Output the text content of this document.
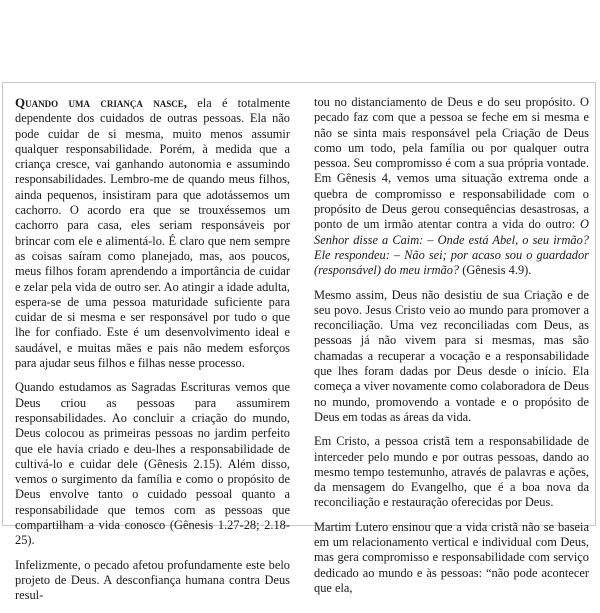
Quando uma criança nasce, ela é totalmente dependente dos cuidados de outras pessoas. Ela não pode cuidar de si mesma, muito menos assumir qualquer responsabilidade. Porém, à medida que a criança cresce, vai ganhando autonomia e assumindo responsabilidades. Lembro-me de quando meus filhos, ainda pequenos, insistiram para que adotássemos um cachorro. O acordo era que se trouxéssemos um cachorro para casa, eles seriam responsáveis por brincar com ele e alimentá-lo. É claro que nem sempre as coisas saíram como planejado, mas, aos poucos, meus filhos foram aprendendo a importância de cuidar e zelar pela vida de outro ser. Ao atingir a idade adulta, espera-se de uma pessoa maturidade suficiente para cuidar de si mesma e ser responsável por tudo o que lhe for confiado. Este é um desenvolvimento ideal e saudável, e muitas mães e pais não medem esforços para ajudar seus filhos e filhas nesse processo.

Quando estudamos as Sagradas Escrituras vemos que Deus criou as pessoas para assumirem responsabilidades. Ao concluir a criação do mundo, Deus colocou as primeiras pessoas no jardim perfeito que ele havia criado e deu-lhes a responsabilidade de cultivá-lo e cuidar dele (Gênesis 2.15). Além disso, vemos o surgimento da família e como o propósito de Deus envolve tanto o cuidado pessoal quanto a responsabilidade que temos com as pessoas que compartilham a vida conosco (Gênesis 1.27-28; 2.18-25).

Infelizmente, o pecado afetou profundamente este belo projeto de Deus. A desconfiança humana contra Deus resul-

tou no distanciamento de Deus e do seu propósito. O pecado faz com que a pessoa se feche em si mesma e não se sinta mais responsável pela Criação de Deus como um todo, pela família ou por qualquer outra pessoa. Seu compromisso é com a sua própria vontade. Em Gênesis 4, vemos uma situação extrema onde a quebra de compromisso e responsabilidade com o propósito de Deus gerou consequências desastrosas, a ponto de um irmão atentar contra a vida do outro: O Senhor disse a Caim: – Onde está Abel, o seu irmão? Ele respondeu: – Não sei; por acaso sou o guardador (responsável) do meu irmão? (Gênesis 4.9).

Mesmo assim, Deus não desistiu de sua Criação e de seu povo. Jesus Cristo veio ao mundo para promover a reconciliação. Uma vez reconciliadas com Deus, as pessoas já não vivem para si mesmas, mas são chamadas a recuperar a vocação e a responsabilidade que lhes foram dadas por Deus desde o início. Ela começa a viver novamente como colaboradora de Deus no mundo, promovendo a vontade e o propósito de Deus em todas as áreas da vida.

Em Cristo, a pessoa cristã tem a responsabilidade de interceder pelo mundo e por outras pessoas, dando ao mesmo tempo testemunho, através de palavras e ações, da mensagem do Evangelho, que é a boa nova da reconciliação e restauração oferecidas por Deus.

Martim Lutero ensinou que a vida cristã não se baseia em um relacionamento vertical e individual com Deus, mas gera compromisso e responsabilidade com serviço dedicado ao mundo e às pessoas: “não pode acontecer que ela,
